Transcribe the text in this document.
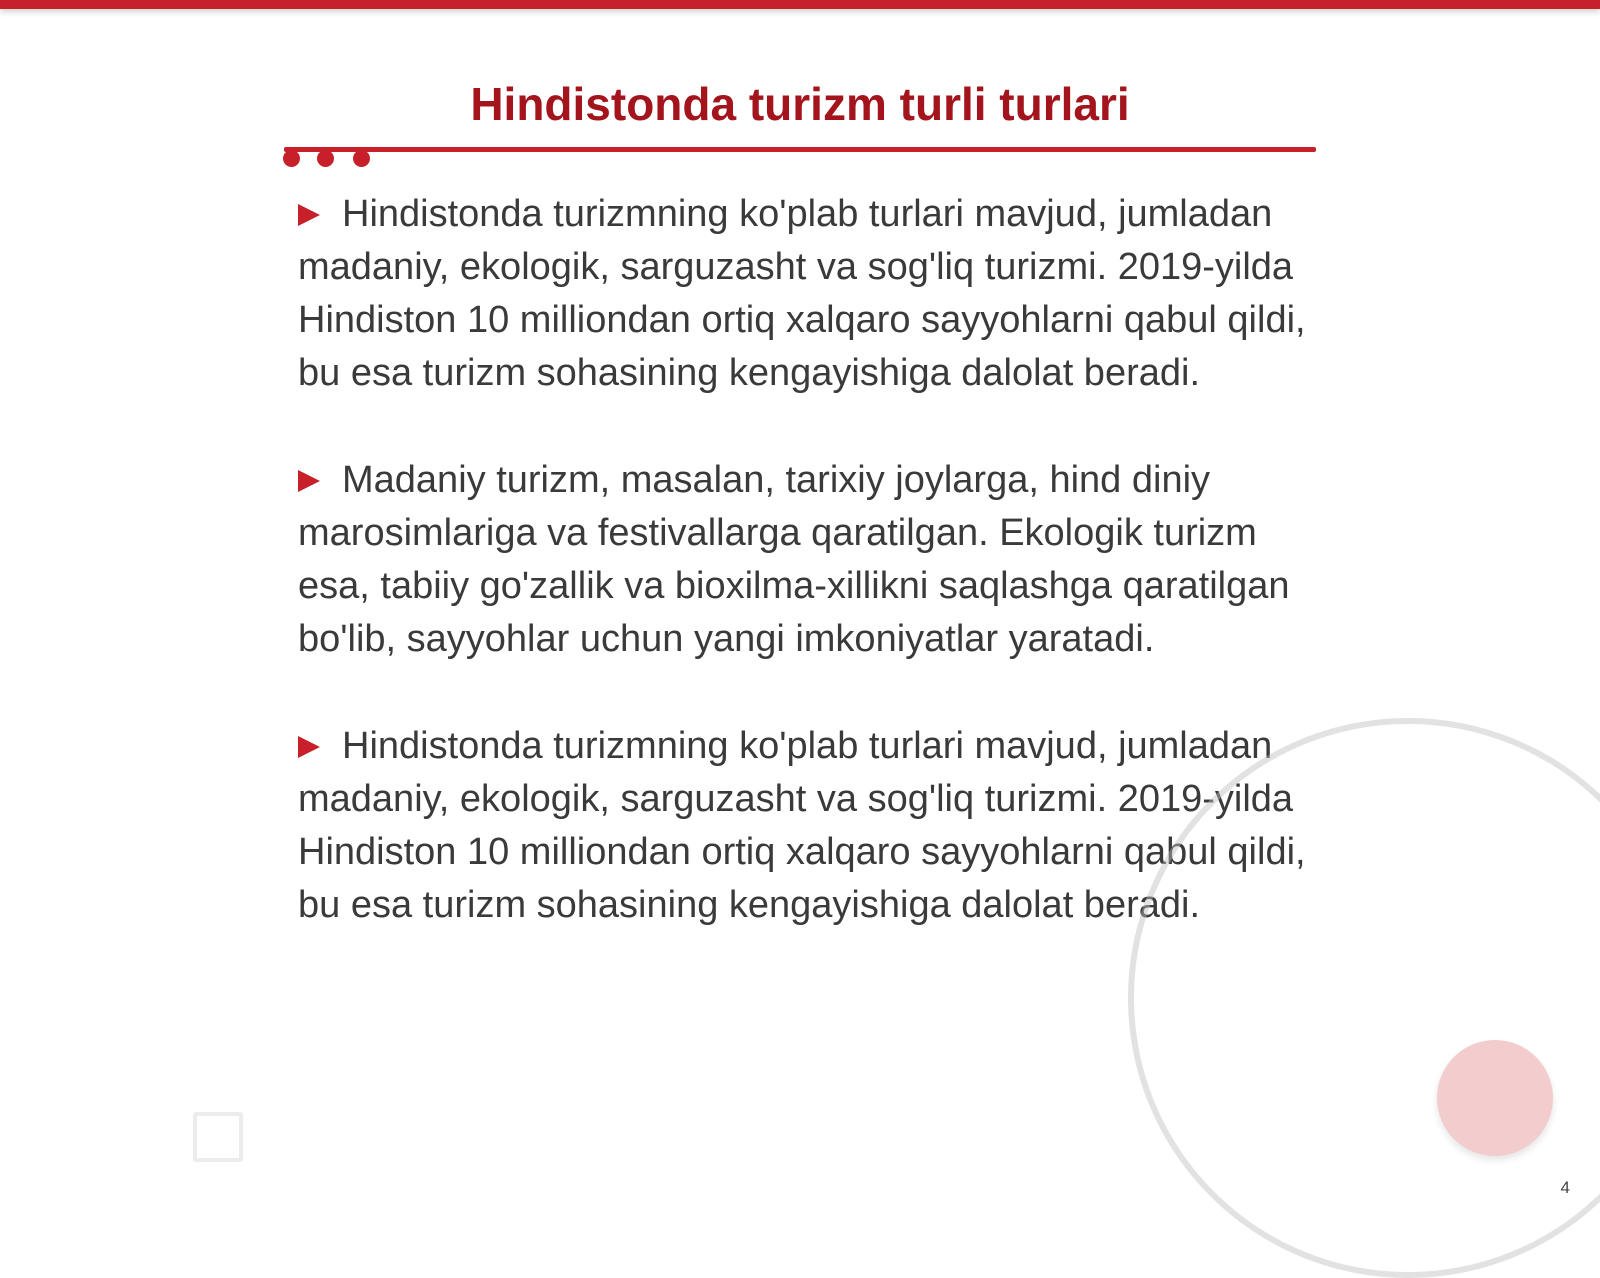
Hindistonda turizm turli turlari

Hindistonda turizmning ko'plab turlari mavjud, jumladan madaniy, ekologik, sarguzasht va sog'liq turizmi. 2019-yilda Hindiston 10 milliondan ortiq xalqaro sayyohlarni qabul qildi, bu esa turizm sohasining kengayishiga dalolat beradi.

Madaniy turizm, masalan, tarixiy joylarga, hind diniy marosimlariga va festivallarga qaratilgan. Ekologik turizm esa, tabiiy go'zallik va bioxilma-xillikni saqlashga qaratilgan bo'lib, sayyohlar uchun yangi imkoniyatlar yaratadi.

Hindistonda turizmning ko'plab turlari mavjud, jumladan madaniy, ekologik, sarguzasht va sog'liq turizmi. 2019-yilda Hindiston 10 milliondan ortiq xalqaro sayyohlarni qabul qildi, bu esa turizm sohasining kengayishiga dalolat beradi.

4
